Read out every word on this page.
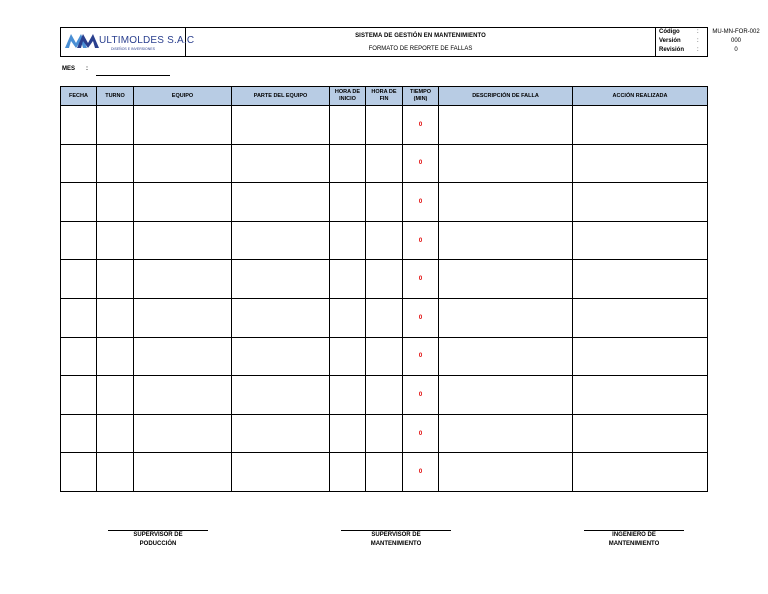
ULTIMOLDES S.A.C
DISEÑOS E INVERSIONES
SISTEMA DE GESTIÓN EN MANTENIMIENTO
FORMATO DE REPORTE DE FALLAS
Código	:	MU-MN-FOR-002
Versión	:	000
Revisión :	0
MES :
FECHA	TURNO	EQUIPO	PARTE DEL EQUIPO	HORA DE INICIO	HORA DE FIN	TIEMPO (MIN)	DESCRIPCIÓN DE FALLA	ACCIÓN REALIZADA
						0		
						0		
						0		
						0		
						0		
						0		
						0		
						0		
						0		
						0		
SUPERVISOR DE
PODUCCIÓN
SUPERVISOR DE
MANTENIMIENTO
INGENIERO DE
MANTENIMIENTO
